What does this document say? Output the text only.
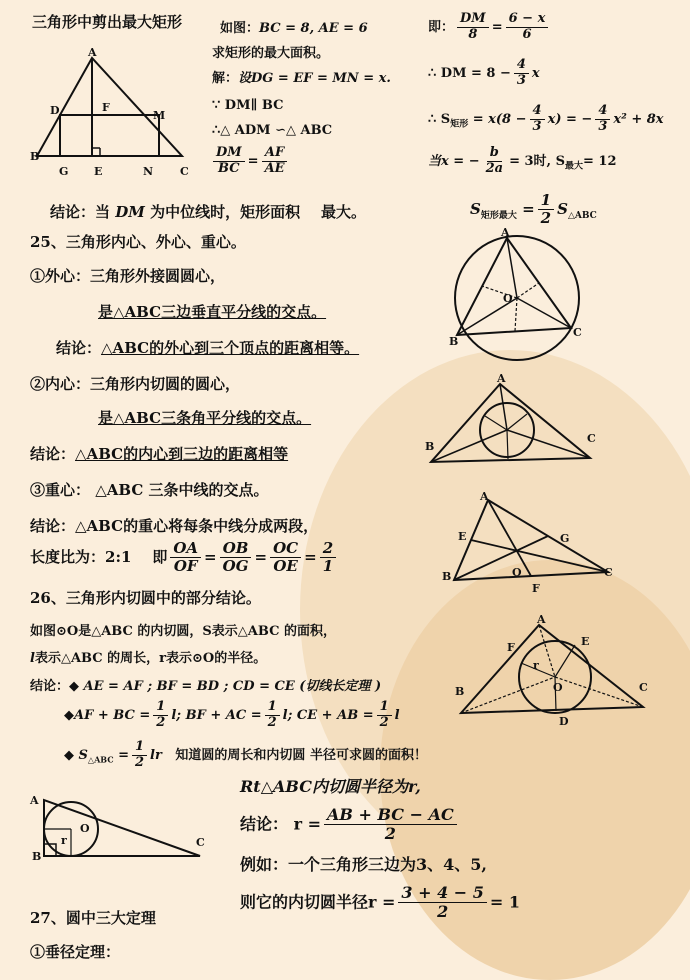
三角形中剪出最大矩形
A
D	F
M
B
G E	N C
如图：BC = 8, AE = 6
求矩形的最大面积。
解：设DG = EF = MN = x.
∵ DM∥ BC
∴△ ADM ∽△ ABC
$\frac{DM}{BC} = \frac{AF}{AE}$
即： $\frac{DM}{8} = \frac{6 - x}{6}$
∴ DM = $8 - \frac{4}{3}$ x
∴ $S_{矩形} = x(8 - \frac{4}{3} x)$ = − $\frac{4}{3} x^2 + 8x$
当x = − $\frac{b}{2a} = 3$时, $S_{最大}= 12$
结论：当 DM 为中位线时，矩形面积 最大。	$S_{矩形最大} = \frac{1}{2} S_{\triangle ABC}$
25、三角形内心、外心、重心。
①外心：三角形外接圆圆心，
是△ABC三边垂直平分线的交点。
结论：△ABC的外心到三个顶点的距离相等。
②内心：三角形内切圆的圆心，
是△ABC三条角平分线的交点。
结论：△ABC的内心到三边的距离相等
③重心： △ABC 三条中线的交点。
结论：△ABC的重心将每条中线分成两段，
长度比为：2:1 即 $\frac{OA}{OF} = \frac{OB}{OG} = \frac{OC}{OE} = \frac{2}{1}$
A
B
C
O
A
B
C
A
E	G
O
B	C
F
26、三角形内切圆中的部分结论。
如图⊙O是△ABC 的内切圆，S表示△ABC 的面积，
l表示△ABC 的周长，r表示⊙O的半径。
结论：◆ AE = AF ; BF = BD ; CD = CE (切线长定理 )
◆AF + BC = $\frac{1}{2} l$; BF + AC = $\frac{1}{2} l$; CE + AB = $\frac{1}{2}$ l
◆ $S_{\triangle ABC} = \frac{1}{2}$ lr 知道圆的周长和内切圆 半径可求圆的面积！
A
F	E
B	C
D
r
O
A
B
C
O
r
Rt△ABC内切圆半径为r,
结论： $r = \frac{AB + BC - AC}{2}$
例如：一个三角形三边为3、4、5,
则它的内切圆半径$r = \frac{3 + 4 - 5}{2} = 1$
27、圆中三大定理
①垂径定理：
